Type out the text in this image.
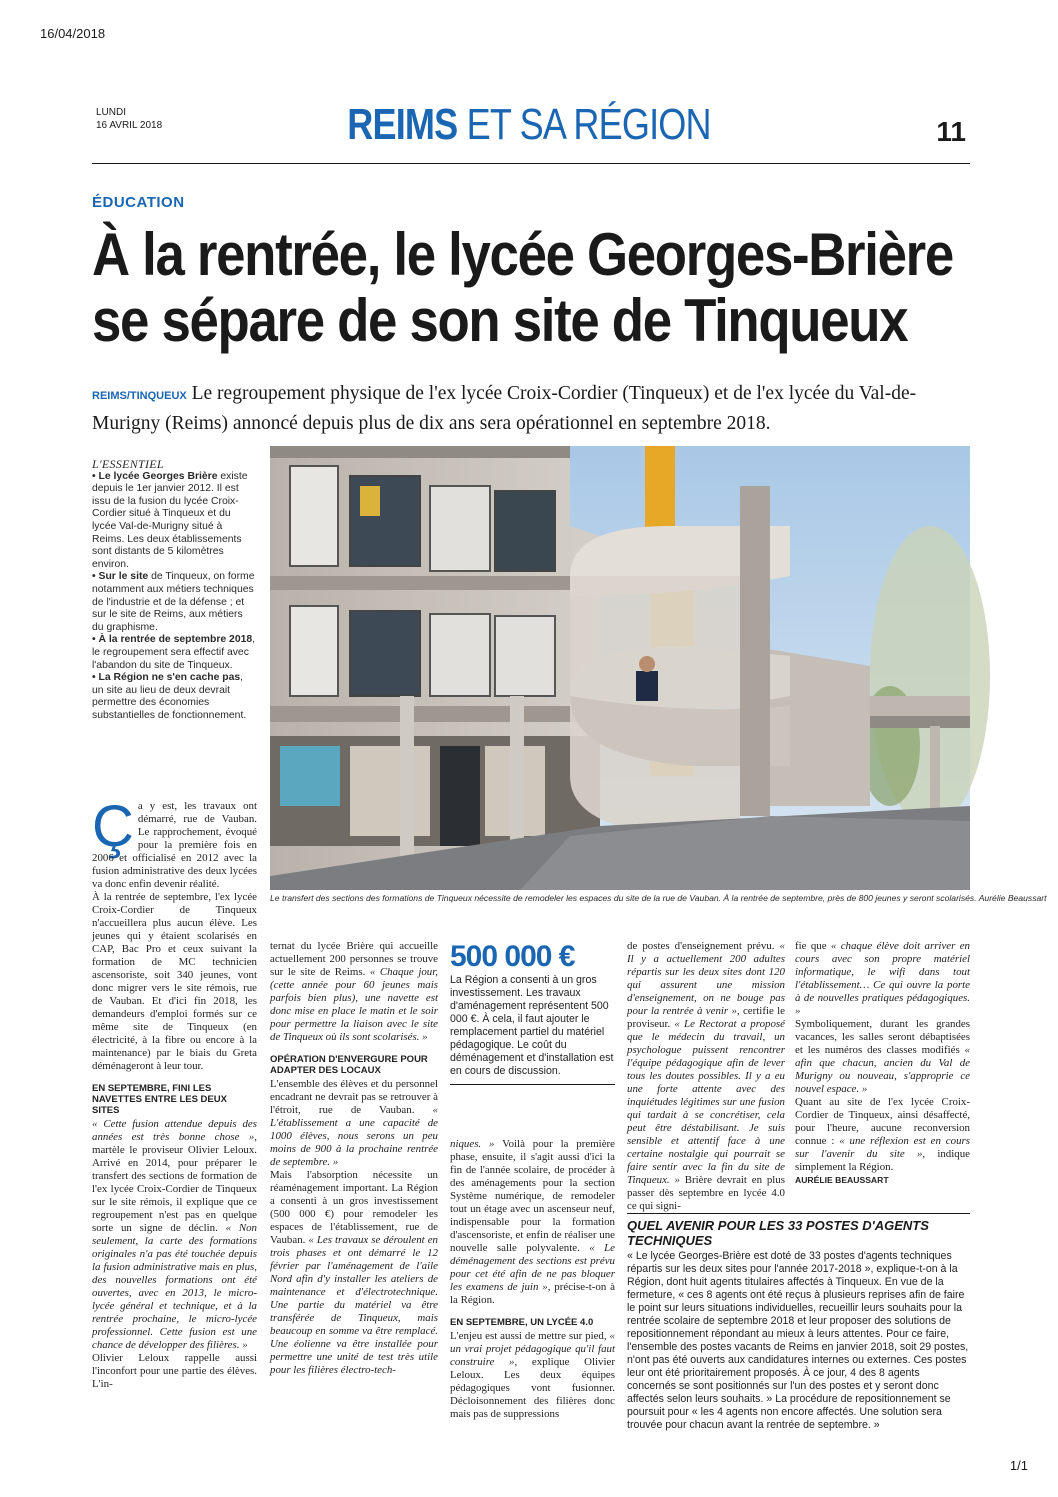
16/04/2018
LUNDI
16 AVRIL 2018	REIMS ET SA RÉGION	11
ÉDUCATION
À la rentrée, le lycée Georges-Brière
se sépare de son site de Tinqueux
REIMS/TINQUEUX Le regroupement physique de l'ex lycée Croix-Cordier (Tinqueux) et de l'ex lycée du Val-de-Murigny (Reims) annoncé depuis plus de dix ans sera opérationnel en septembre 2018.
L'ESSENTIEL

• Le lycée Georges Brière existe depuis le 1er janvier 2012. Il est issu de la fusion du lycée Croix-Cordier situé à Tinqueux et du lycée Val-de-Murigny situé à Reims. Les deux établissements sont distants de 5 kilomètres environ.

• Sur le site de Tinqueux, on forme notamment aux métiers techniques de l'industrie et de la défense ; et sur le site de Reims, aux métiers du graphisme.

• À la rentrée de septembre 2018, le regroupement sera effectif avec l'abandon du site de Tinqueux.

• La Région ne s'en cache pas, un site au lieu de deux devrait permettre des économies substantielles de fonctionnement.

Le transfert des sections des formations de Tinqueux nécessite de remodeler les espaces du site de la rue de Vauban. À la rentrée de septembre, près de 800 jeunes y seront scolarisés. Aurélie Beaussart
Ç a y est, les travaux ont démarré, rue de Vauban. Le rapprochement, évoqué pour la première fois en 2006 et officialisé en 2012 avec la fusion administrative des deux lycées va donc enfin devenir réalité.

À la rentrée de septembre, l'ex lycée Croix-Cordier de Tinqueux n'accueillera plus aucun élève. Les jeunes qui y étaient scolarisés en CAP, Bac Pro et ceux suivant la formation de MC technicien ascensoriste, soit 340 jeunes, vont donc migrer vers le site rémois, rue de Vauban. Et d'ici fin 2018, les demandeurs d'emploi formés sur ce même site de Tinqueux (en électricité, à la fibre ou encore à la maintenance) par le biais du Greta déménageront à leur tour.

EN SEPTEMBRE, FINI LES NAVETTES ENTRE LES DEUX SITES

« Cette fusion attendue depuis des années est très bonne chose », martèle le proviseur Olivier Leloux. Arrivé en 2014, pour préparer le transfert des sections de formation de l'ex lycée Croix-Cordier de Tinqueux sur le site rémois, il explique que ce regroupement n'est pas en quelque sorte un signe de déclin. « Non seulement, la carte des formations originales n'a pas été touchée depuis la fusion administrative mais en plus, des nouvelles formations ont été ouvertes, avec en 2013, le micro-lycée général et technique, et à la rentrée prochaine, le micro-lycée professionnel. Cette fusion est une chance de développer des filières. »

Olivier Leloux rappelle aussi l'inconfort pour une partie des élèves. L'in-

ternat du lycée Brière qui accueille actuellement 200 personnes se trouve sur le site de Reims. « Chaque jour, (cette année pour 60 jeunes mais parfois bien plus), une navette est donc mise en place le matin et le soir pour permettre la liaison avec le site de Tinqueux où ils sont scolarisés. »

OPÉRATION D'ENVERGURE POUR ADAPTER DES LOCAUX

L'ensemble des élèves et du personnel encadrant ne devrait pas se retrouver à l'étroit, rue de Vauban. « L'établissement a une capacité de 1000 élèves, nous serons un peu moins de 900 à la prochaine rentrée de septembre. »

Mais l'absorption nécessite un réaménagement important. La Région a consenti à un gros investissement (500 000 €) pour remodeler les espaces de l'établissement, rue de Vauban. « Les travaux se déroulent en trois phases et ont démarré le 12 février par l'aménagement de l'aile Nord afin d'y installer les ateliers de maintenance et d'électrotechnique. Une partie du matériel va être transférée de Tinqueux, mais beaucoup en somme va être remplacé. Une éolienne va être installée pour permettre une unité de test très utile pour les filières électro-tech-

500 000 €
La Région a consenti à un gros investissement. Les travaux d'aménagement représentent 500 000 €. À cela, il faut ajouter le remplacement partiel du matériel pédagogique. Le coût du déménagement et d'installation est en cours de discussion.

niques. » Voilà pour la première phase, ensuite, il s'agit aussi d'ici la fin de l'année scolaire, de procéder à des aménagements pour la section Système numérique, de remodeler tout un étage avec un ascenseur neuf, indispensable pour la formation d'ascensoriste, et enfin de réaliser une nouvelle salle polyvalente. « Le déménagement des sections est prévu pour cet été afin de ne pas bloquer les examens de juin », précise-t-on à la Région.

EN SEPTEMBRE, UN LYCÉE 4.0

L'enjeu est aussi de mettre sur pied, « un vrai projet pédagogique qu'il faut construire », explique Olivier Leloux. Les deux équipes pédagogiques vont fusionner. Décloisonnement des filières donc mais pas de suppressions

de postes d'enseignement prévu. « Il y a actuellement 200 adultes répartis sur les deux sites dont 120 qui assurent une mission d'enseignement, on ne bouge pas pour la rentrée à venir », certifie le proviseur. « Le Rectorat a proposé que le médecin du travail, un psychologue puissent rencontrer l'équipe pédagogique afin de lever tous les doutes possibles. Il y a eu une forte attente avec des inquiétudes légitimes sur une fusion qui tardait à se concrétiser, cela peut être déstabilisant. Je suis sensible et attentif face à une certaine nostalgie qui pourrait se faire sentir avec la fin du site de Tinqueux. » Brière devrait en plus passer dès septembre en lycée 4.0 ce qui signi-

fie que « chaque élève doit arriver en cours avec son propre matériel informatique, le wifi dans tout l'établissement… Ce qui ouvre la porte à de nouvelles pratiques pédagogiques. »

Symboliquement, durant les grandes vacances, les salles seront débaptisées et les numéros des classes modifiés « afin que chacun, ancien du Val de Murigny ou nouveau, s'approprie ce nouvel espace. »

Quant au site de l'ex lycée Croix-Cordier de Tinqueux, ainsi désaffecté, pour l'heure, aucune reconversion connue : « une réflexion est en cours sur l'avenir du site », indique simplement la Région.

AURÉLIE BEAUSSART
QUEL AVENIR POUR LES 33 POSTES D'AGENTS TECHNIQUES
« Le lycée Georges-Brière est doté de 33 postes d'agents techniques répartis sur les deux sites pour l'année 2017-2018 », explique-t-on à la Région, dont huit agents titulaires affectés à Tinqueux. En vue de la fermeture, « ces 8 agents ont été reçus à plusieurs reprises afin de faire le point sur leurs situations individuelles, recueillir leurs souhaits pour la rentrée scolaire de septembre 2018 et leur proposer des solutions de repositionnement répondant au mieux à leurs attentes. Pour ce faire, l'ensemble des postes vacants de Reims en janvier 2018, soit 29 postes, n'ont pas été ouverts aux candidatures internes ou externes. Ces postes leur ont été prioritairement proposés. À ce jour, 4 des 8 agents concernés se sont positionnés sur l'un des postes et y seront donc affectés selon leurs souhaits. » La procédure de repositionnement se poursuit pour « les 4 agents non encore affectés. Une solution sera trouvée pour chacun avant la rentrée de septembre. »
1/1
